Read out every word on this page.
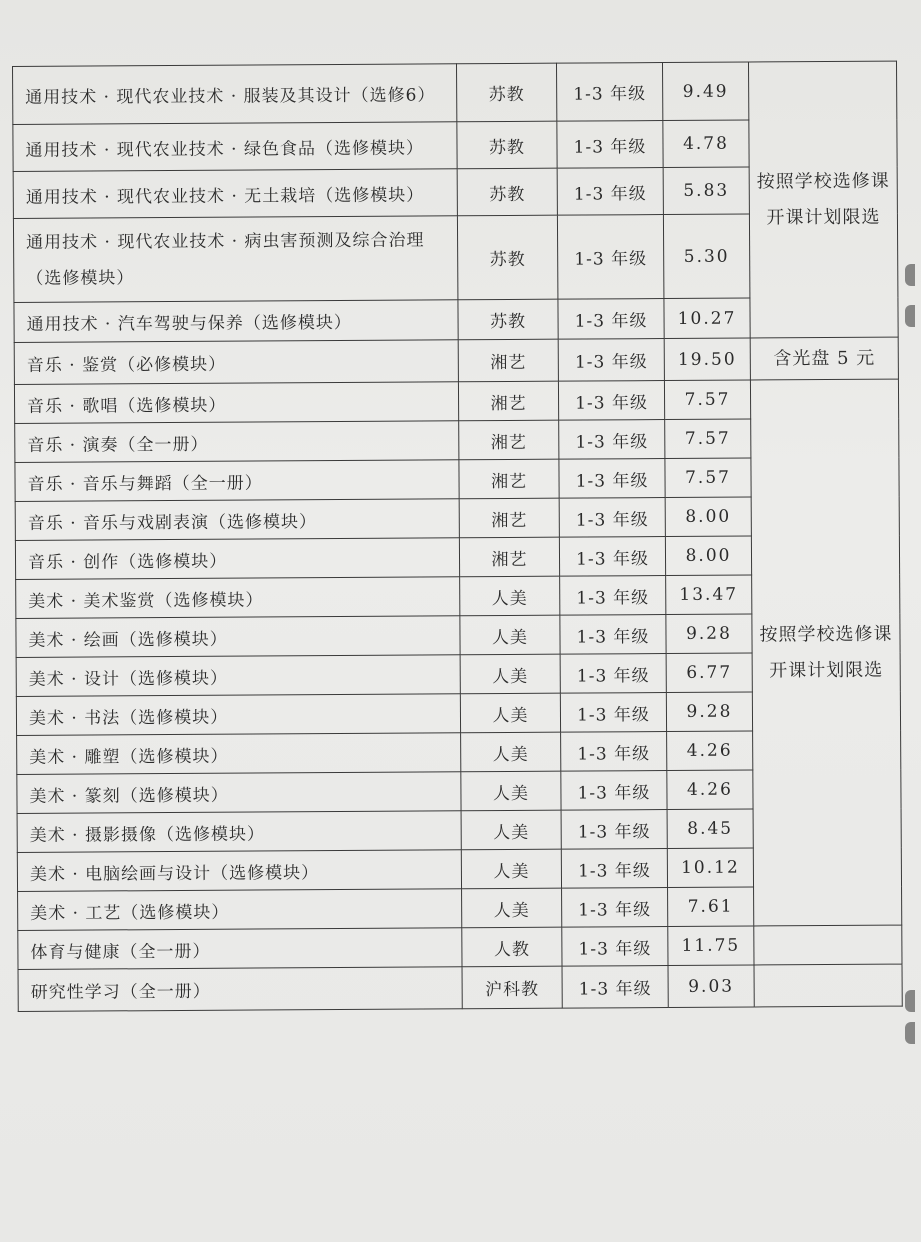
通用技术 · 现代农业技术 · 服装及其设计（选修6）	苏教	1-3 年级	9.49	按照学校选修课
开课计划限选

通用技术 · 现代农业技术 · 绿色食品（选修模块）	苏教	1-3 年级	4.78	
通用技术 · 现代农业技术 · 无土栽培（选修模块）	苏教	1-3 年级	5.83	

通用技术 · 现代农业技术 · 病虫害预测及综合治理
（选修模块）	苏教	1-3 年级	5.30	
通用技术 · 汽车驾驶与保养（选修模块）	苏教	1-3 年级	10.27	
音乐 · 鉴赏（必修模块）	湘艺	1-3 年级	19.50	含光盘 5 元
音乐 · 歌唱（选修模块）	湘艺	1-3 年级	7.57	按照学校选修课
开课计划限选

音乐 · 演奏（全一册）	湘艺	1-3 年级	7.57	
音乐 · 音乐与舞蹈（全一册）	湘艺	1-3 年级	7.57	
音乐 · 音乐与戏剧表演（选修模块）	湘艺	1-3 年级	8.00	
音乐 · 创作（选修模块）	湘艺	1-3 年级	8.00	
美术 · 美术鉴赏（选修模块）	人美	1-3 年级	13.47	
美术 · 绘画（选修模块）	人美	1-3 年级	9.28	
美术 · 设计（选修模块）	人美	1-3 年级	6.77	
美术 · 书法（选修模块）	人美	1-3 年级	9.28	
美术 · 雕塑（选修模块）	人美	1-3 年级	4.26	
美术 · 篆刻（选修模块）	人美	1-3 年级	4.26	
美术 · 摄影摄像（选修模块）	人美	1-3 年级	8.45	
美术 · 电脑绘画与设计（选修模块）	人美	1-3 年级	10.12	
美术 · 工艺（选修模块）	人美	1-3 年级	7.61	
体育与健康（全一册）	人教	1-3 年级	11.75	
研究性学习（全一册）	沪科教	1-3 年级	9.03	
